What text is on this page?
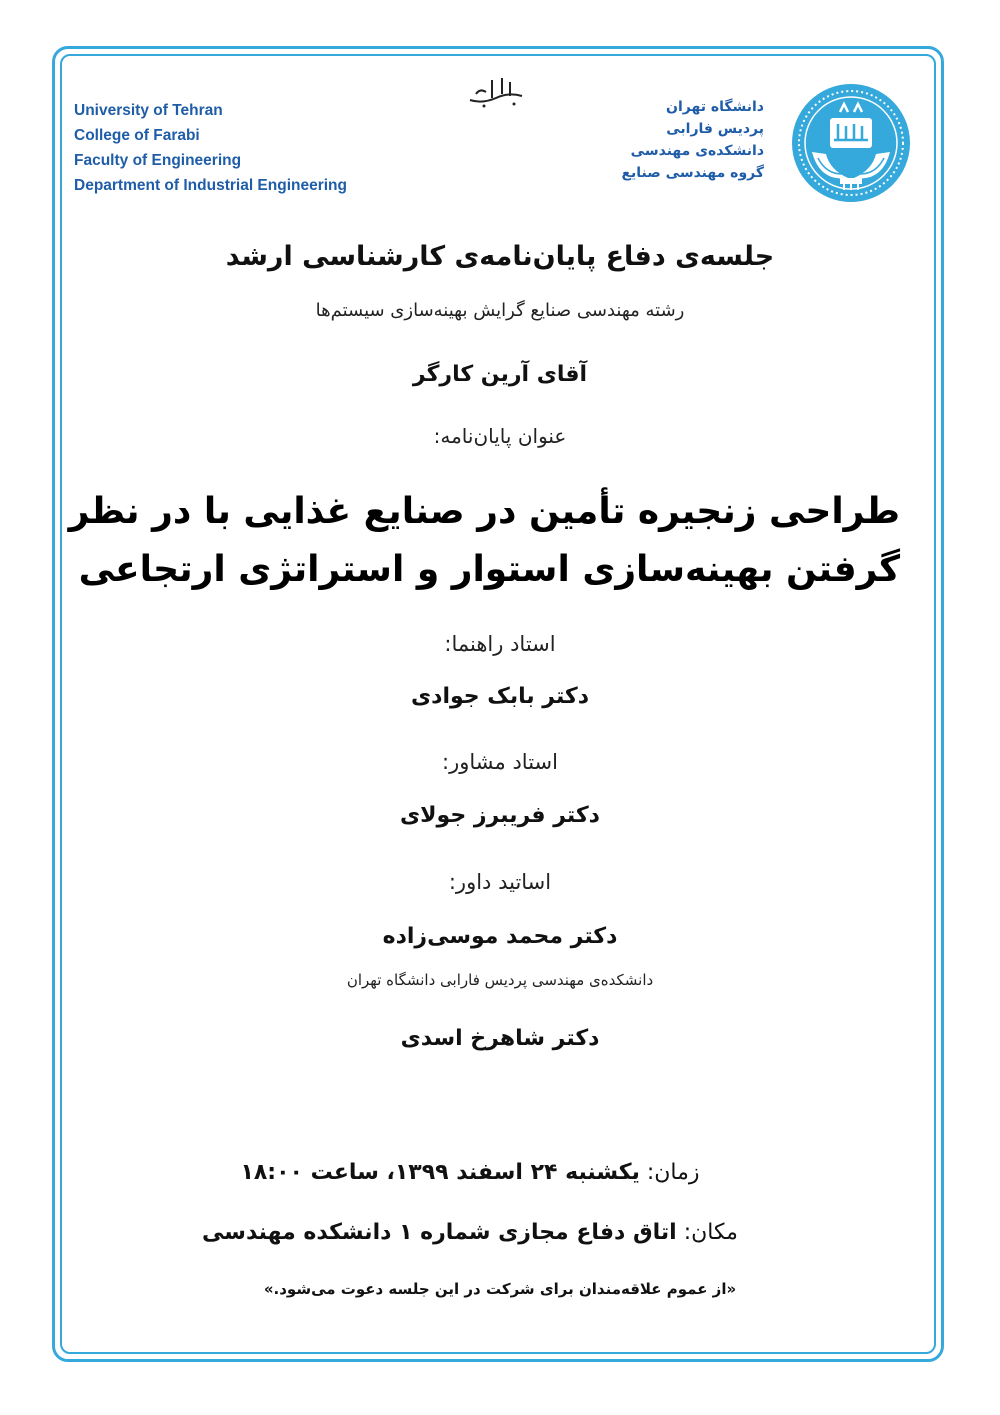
University of Tehran
College of Farabi
Faculty of Engineering
Department of Industrial Engineering
دانشگاه تهران
پردیس فارابی
دانشکده‌ی مهندسی
گروه مهندسی صنایع
جلسه‌ی دفاع پایان‌نامه‌ی کارشناسی ارشد
رشته مهندسی صنایع گرایش بهینه‌سازی سیستم‌ها
آقای آرین کارگر
عنوان پایان‌نامه:
طراحی زنجیره تأمین در صنایع غذایی با در نظر
گرفتن بهینه‌سازی استوار و استراتژی ارتجاعی
استاد راهنما:
دکتر بابک جوادی
استاد مشاور:
دکتر فریبرز جولای
اساتید داور:
دکتر محمد موسی‌زاده
دانشکده‌ی مهندسی پردیس فارابی دانشگاه تهران
دکتر شاهرخ اسدی
زمان: یکشنبه ۲۴ اسفند ۱۳۹۹، ساعت ۱۸:۰۰
مکان: اتاق دفاع مجازی شماره ۱ دانشکده مهندسی
«از عموم علاقه‌مندان برای شرکت در این جلسه دعوت می‌شود.»
